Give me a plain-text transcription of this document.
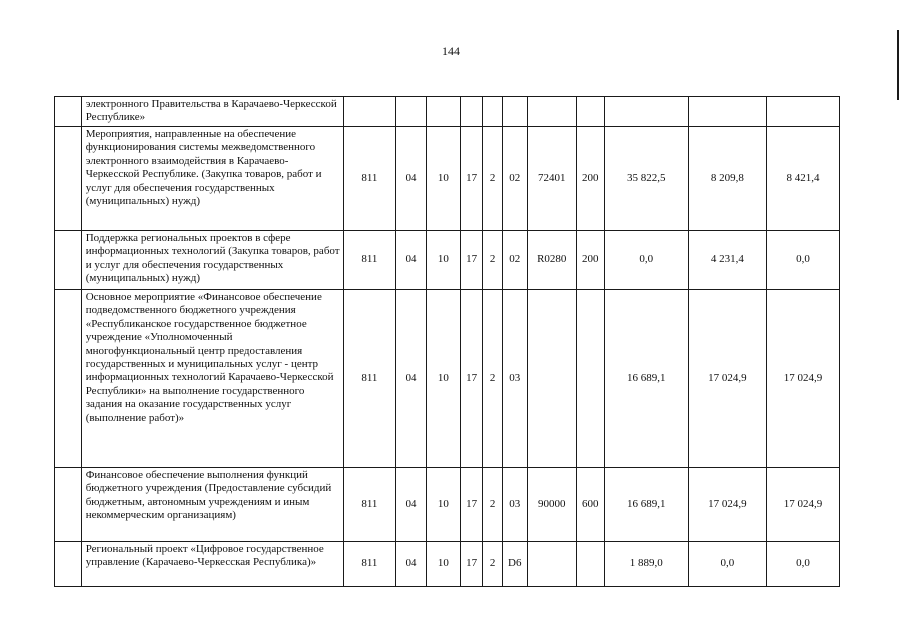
144
	электронного Правительства в Карачаево-Черкесской Республике»											
	Мероприятия, направленные на обеспечение функционирования системы межведомственного электронного взаимодействия в Карачаево-Черкесской Республике. (Закупка товаров, работ и услуг для обеспечения государственных (муниципальных) нужд)	811	04	10	17	2	02	72401	200	35 822,5	8 209,8	8 421,4
	Поддержка региональных проектов в сфере информационных технологий (Закупка товаров, работ и услуг для обеспечения государственных (муниципальных) нужд)	811	04	10	17	2	02	R0280	200	0,0	4 231,4	0,0
	Основное мероприятие «Финансовое обеспечение подведомственного бюджетного учреждения «Республиканское государственное бюджетное учреждение «Уполномоченный многофункциональный центр предоставления государственных и муниципальных услуг - центр информационных технологий Карачаево-Черкесской Республики» на выполнение государственного задания на оказание государственных услуг (выполнение работ)»	811	04	10	17	2	03			16 689,1	17 024,9	17 024,9
	Финансовое обеспечение выполнения функций бюджетного учреждения (Предоставление субсидий бюджетным, автономным учреждениям и иным некоммерческим организациям)	811	04	10	17	2	03	90000	600	16 689,1	17 024,9	17 024,9
	Региональный проект «Цифровое государственное управление (Карачаево-Черкесская Республика)»	811	04	10	17	2	D6			1 889,0	0,0	0,0
